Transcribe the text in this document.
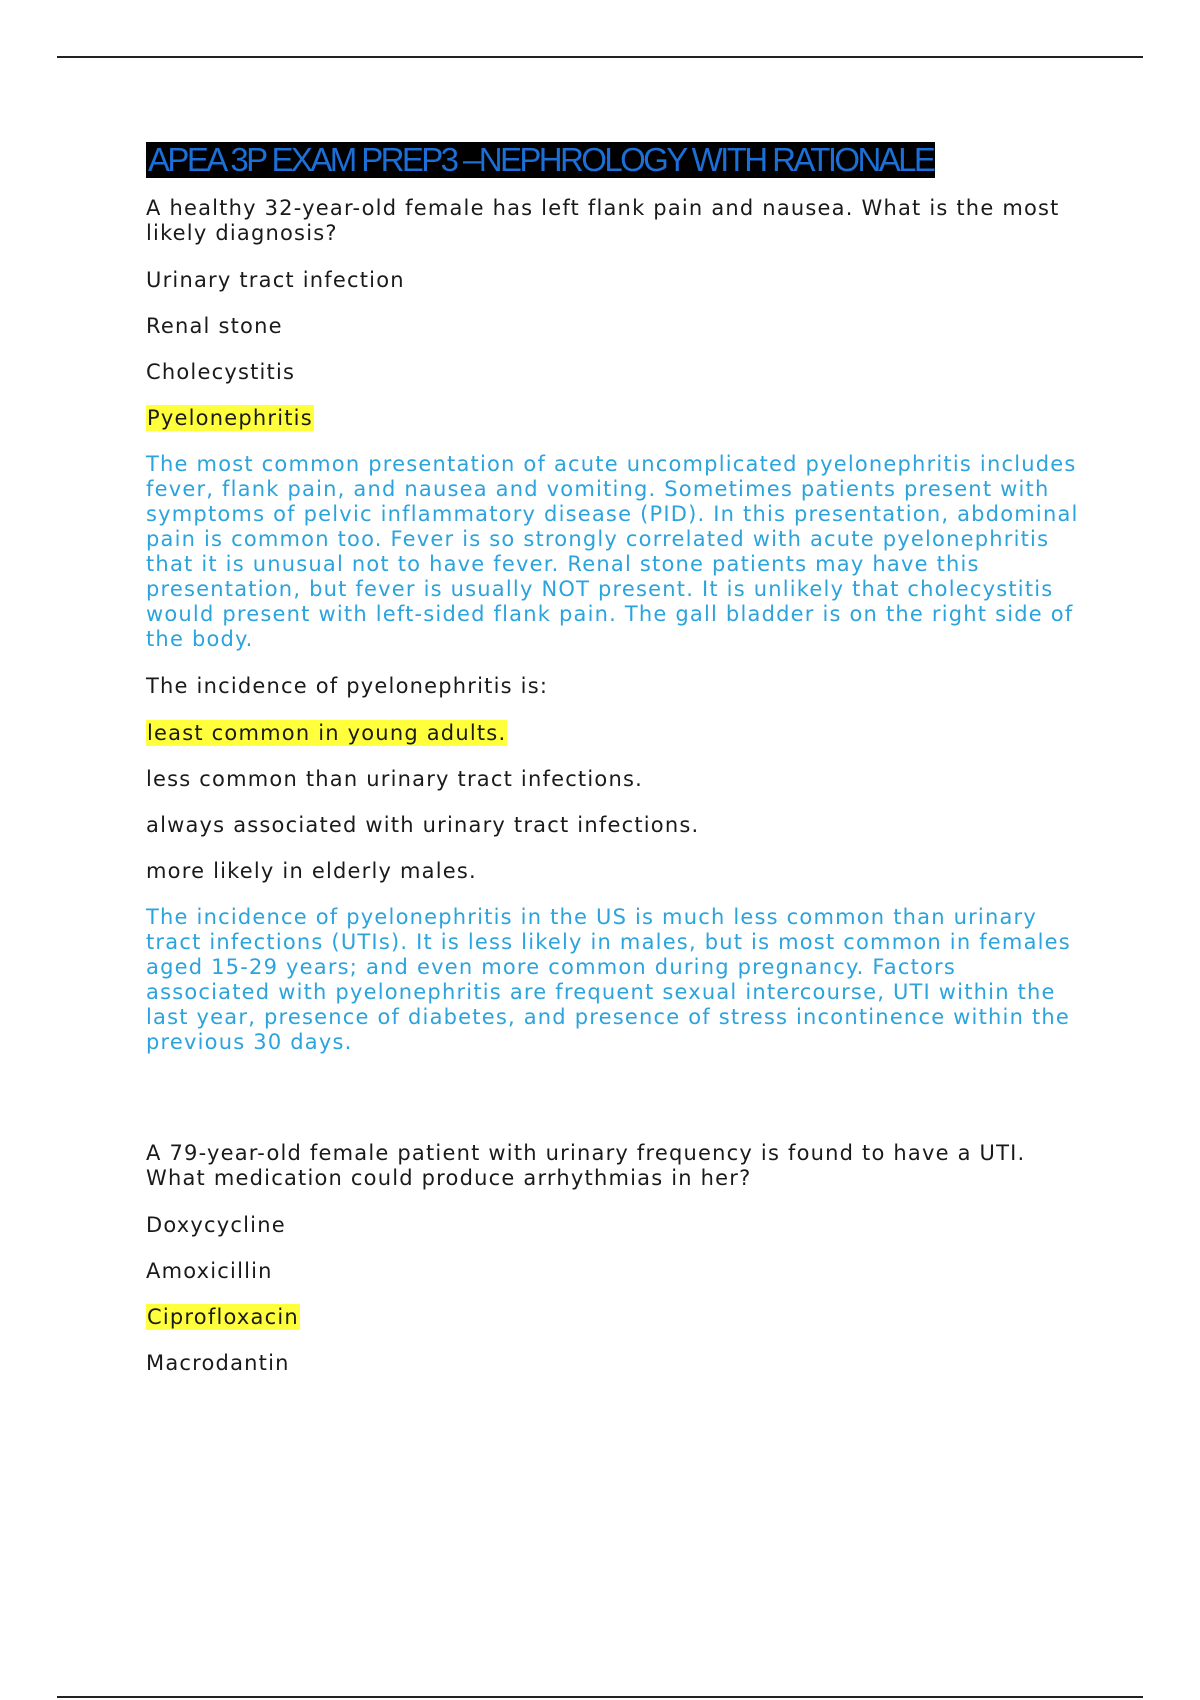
APEA 3P EXAM PREP3 –NEPHROLOGY WITH RATIONALE
A healthy 32-year-old female has left flank pain and nausea. What is the most likely diagnosis?
Urinary tract infection
Renal stone
Cholecystitis
Pyelonephritis
The most common presentation of acute uncomplicated pyelonephritis includes fever, flank pain, and nausea and vomiting. Sometimes patients present with symptoms of pelvic inflammatory disease (PID). In this presentation, abdominal pain is common too. Fever is so strongly correlated with acute pyelonephritis that it is unusual not to have fever. Renal stone patients may have this presentation, but fever is usually NOT present. It is unlikely that cholecystitis would present with left-sided flank pain. The gall bladder is on the right side of the body.
The incidence of pyelonephritis is:
least common in young adults.
less common than urinary tract infections.
always associated with urinary tract infections.
more likely in elderly males.
The incidence of pyelonephritis in the US is much less common than urinary tract infections (UTIs). It is less likely in males, but is most common in females aged 15-29 years; and even more common during pregnancy. Factors associated with pyelonephritis are frequent sexual intercourse, UTI within the last year, presence of diabetes, and presence of stress incontinence within the previous 30 days.
A 79-year-old female patient with urinary frequency is found to have a UTI. What medication could produce arrhythmias in her?
Doxycycline
Amoxicillin
Ciprofloxacin
Macrodantin
